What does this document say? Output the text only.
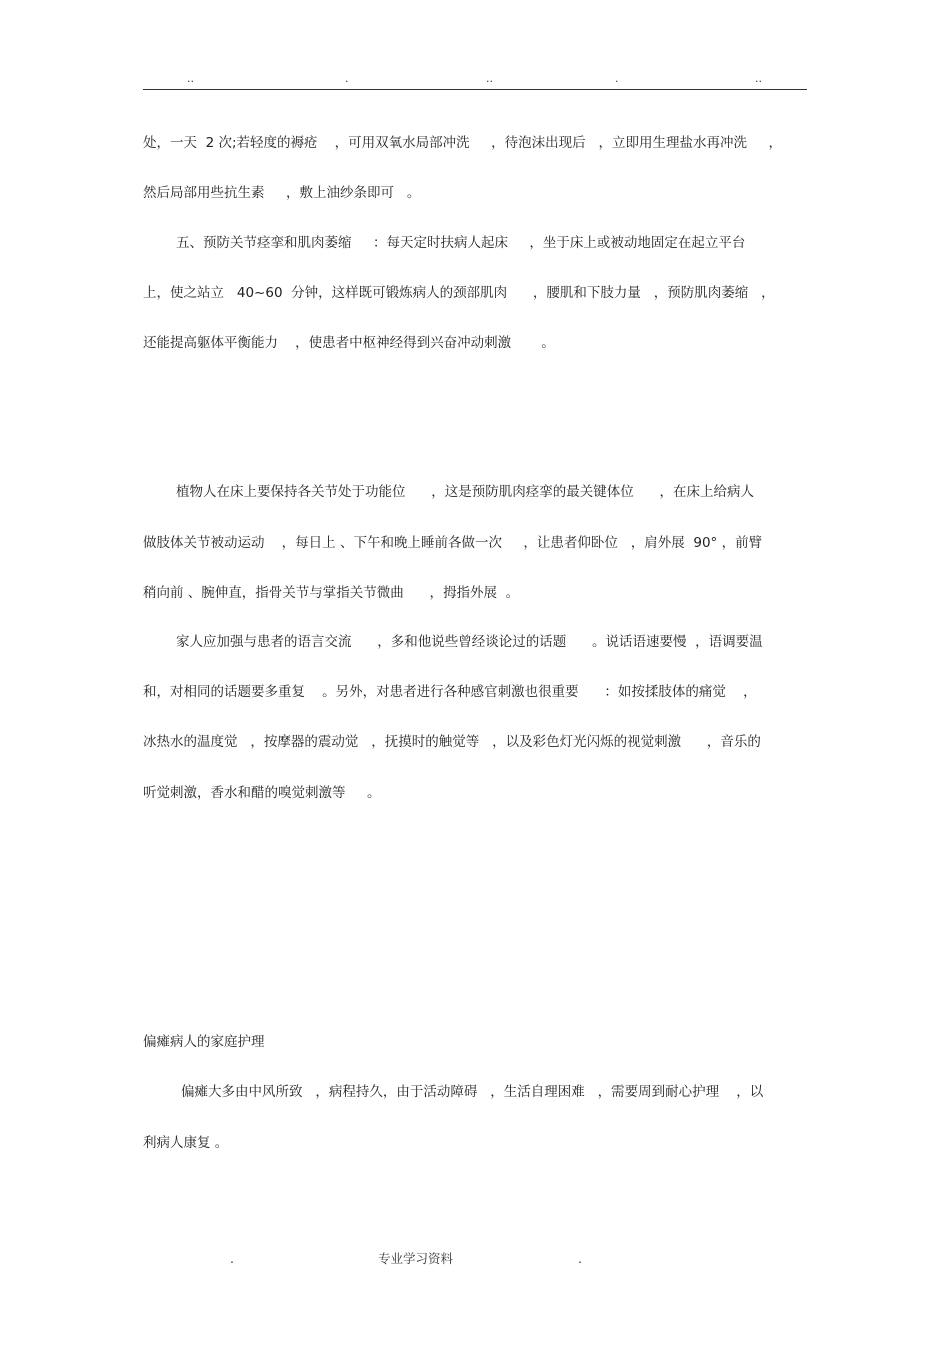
..	.	..	.	..
处，一天  2 次;若轻度的褥疮    ，可用双氧水局部冲洗     ，待泡沫出现后   ，立即用生理盐水再冲洗     ，
然后局部用些抗生素     ，敷上油纱条即可   。
五、预防关节痉挛和肌肉萎缩     ：每天定时扶病人起床     ，坐于床上或被动地固定在起立平台
上，使之站立   40~60  分钟，这样既可锻炼病人的颈部肌肉      ，腰肌和下肢力量   ，预防肌肉萎缩   ，
还能提高躯体平衡能力    ，使患者中枢神经得到兴奋冲动刺激       。
植物人在床上要保持各关节处于功能位      ，这是预防肌肉痉挛的最关键体位      ，在床上给病人
做肢体关节被动运动    ，每日上 、下午和晚上睡前各做一次     ，让患者仰卧位   ，肩外展  90° ，前臂
稍向前 、腕伸直，指骨关节与掌指关节微曲      ，拇指外展  。
家人应加强与患者的语言交流      ，多和他说些曾经谈论过的话题      。说话语速要慢  ，语调要温
和，对相同的话题要多重复    。另外，对患者进行各种感官刺激也很重要      ：如按揉肢体的痛觉    ，
冰热水的温度觉   ，按摩器的震动觉   ，抚摸时的触觉等   ，以及彩色灯光闪烁的视觉刺激      ，音乐的
听觉刺激，香水和醋的嗅觉刺激等     。
偏瘫病人的家庭护理
偏瘫大多由中风所致   ，病程持久，由于活动障碍   ，生活自理困难   ，需要周到耐心护理    ，以
利病人康复 。
.	专业学习资料	.
